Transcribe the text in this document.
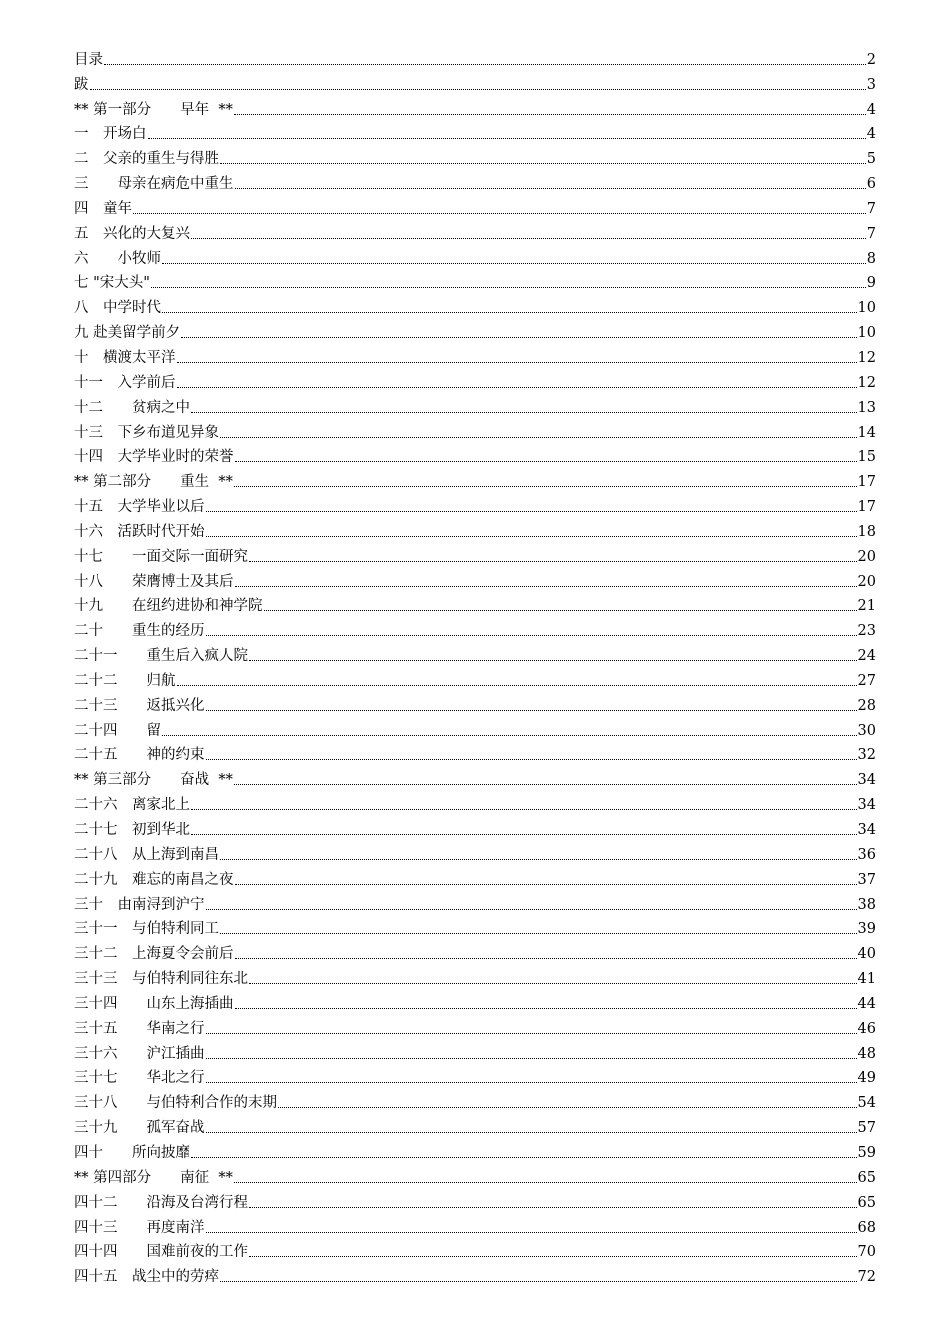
目录	2
跋	3
** 第一部分　　早年  **	4
一　开场白	4
二　父亲的重生与得胜	5
三　　母亲在病危中重生	6
四　童年	7
五　兴化的大复兴	7
六　　小牧师	8
七 "宋大头"	9
八　中学时代	10
九 赴美留学前夕	10
十　横渡太平洋	12
十一　入学前后	12
十二　　贫病之中	13
十三　下乡布道见异象	14
十四　大学毕业时的荣誉	15
** 第二部分　　重生  **	17
十五　大学毕业以后	17
十六　活跃时代开始	18
十七　　一面交际一面研究	20
十八　　荣膺博士及其后	20
十九　　在纽约进协和神学院	21
二十　　重生的经历	23
二十一　　重生后入疯人院	24
二十二　　归航	27
二十三　　返抵兴化	28
二十四　　留	30
二十五　　神的约束	32
** 第三部分　　奋战  **	34
二十六　离家北上	34
二十七　初到华北	34
二十八　从上海到南昌	36
二十九　难忘的南昌之夜	37
三十　由南浔到沪宁	38
三十一　与伯特利同工	39
三十二　上海夏令会前后	40
三十三　与伯特利同往东北	41
三十四　　山东上海插曲	44
三十五　　华南之行	46
三十六　　沪江插曲	48
三十七　　华北之行	49
三十八　　与伯特利合作的末期	54
三十九　　孤军奋战	57
四十　　所向披靡	59
** 第四部分　　南征  **	65
四十二　　沿海及台湾行程	65
四十三　　再度南洋	68
四十四　　国难前夜的工作	70
四十五　战尘中的劳瘁	72
